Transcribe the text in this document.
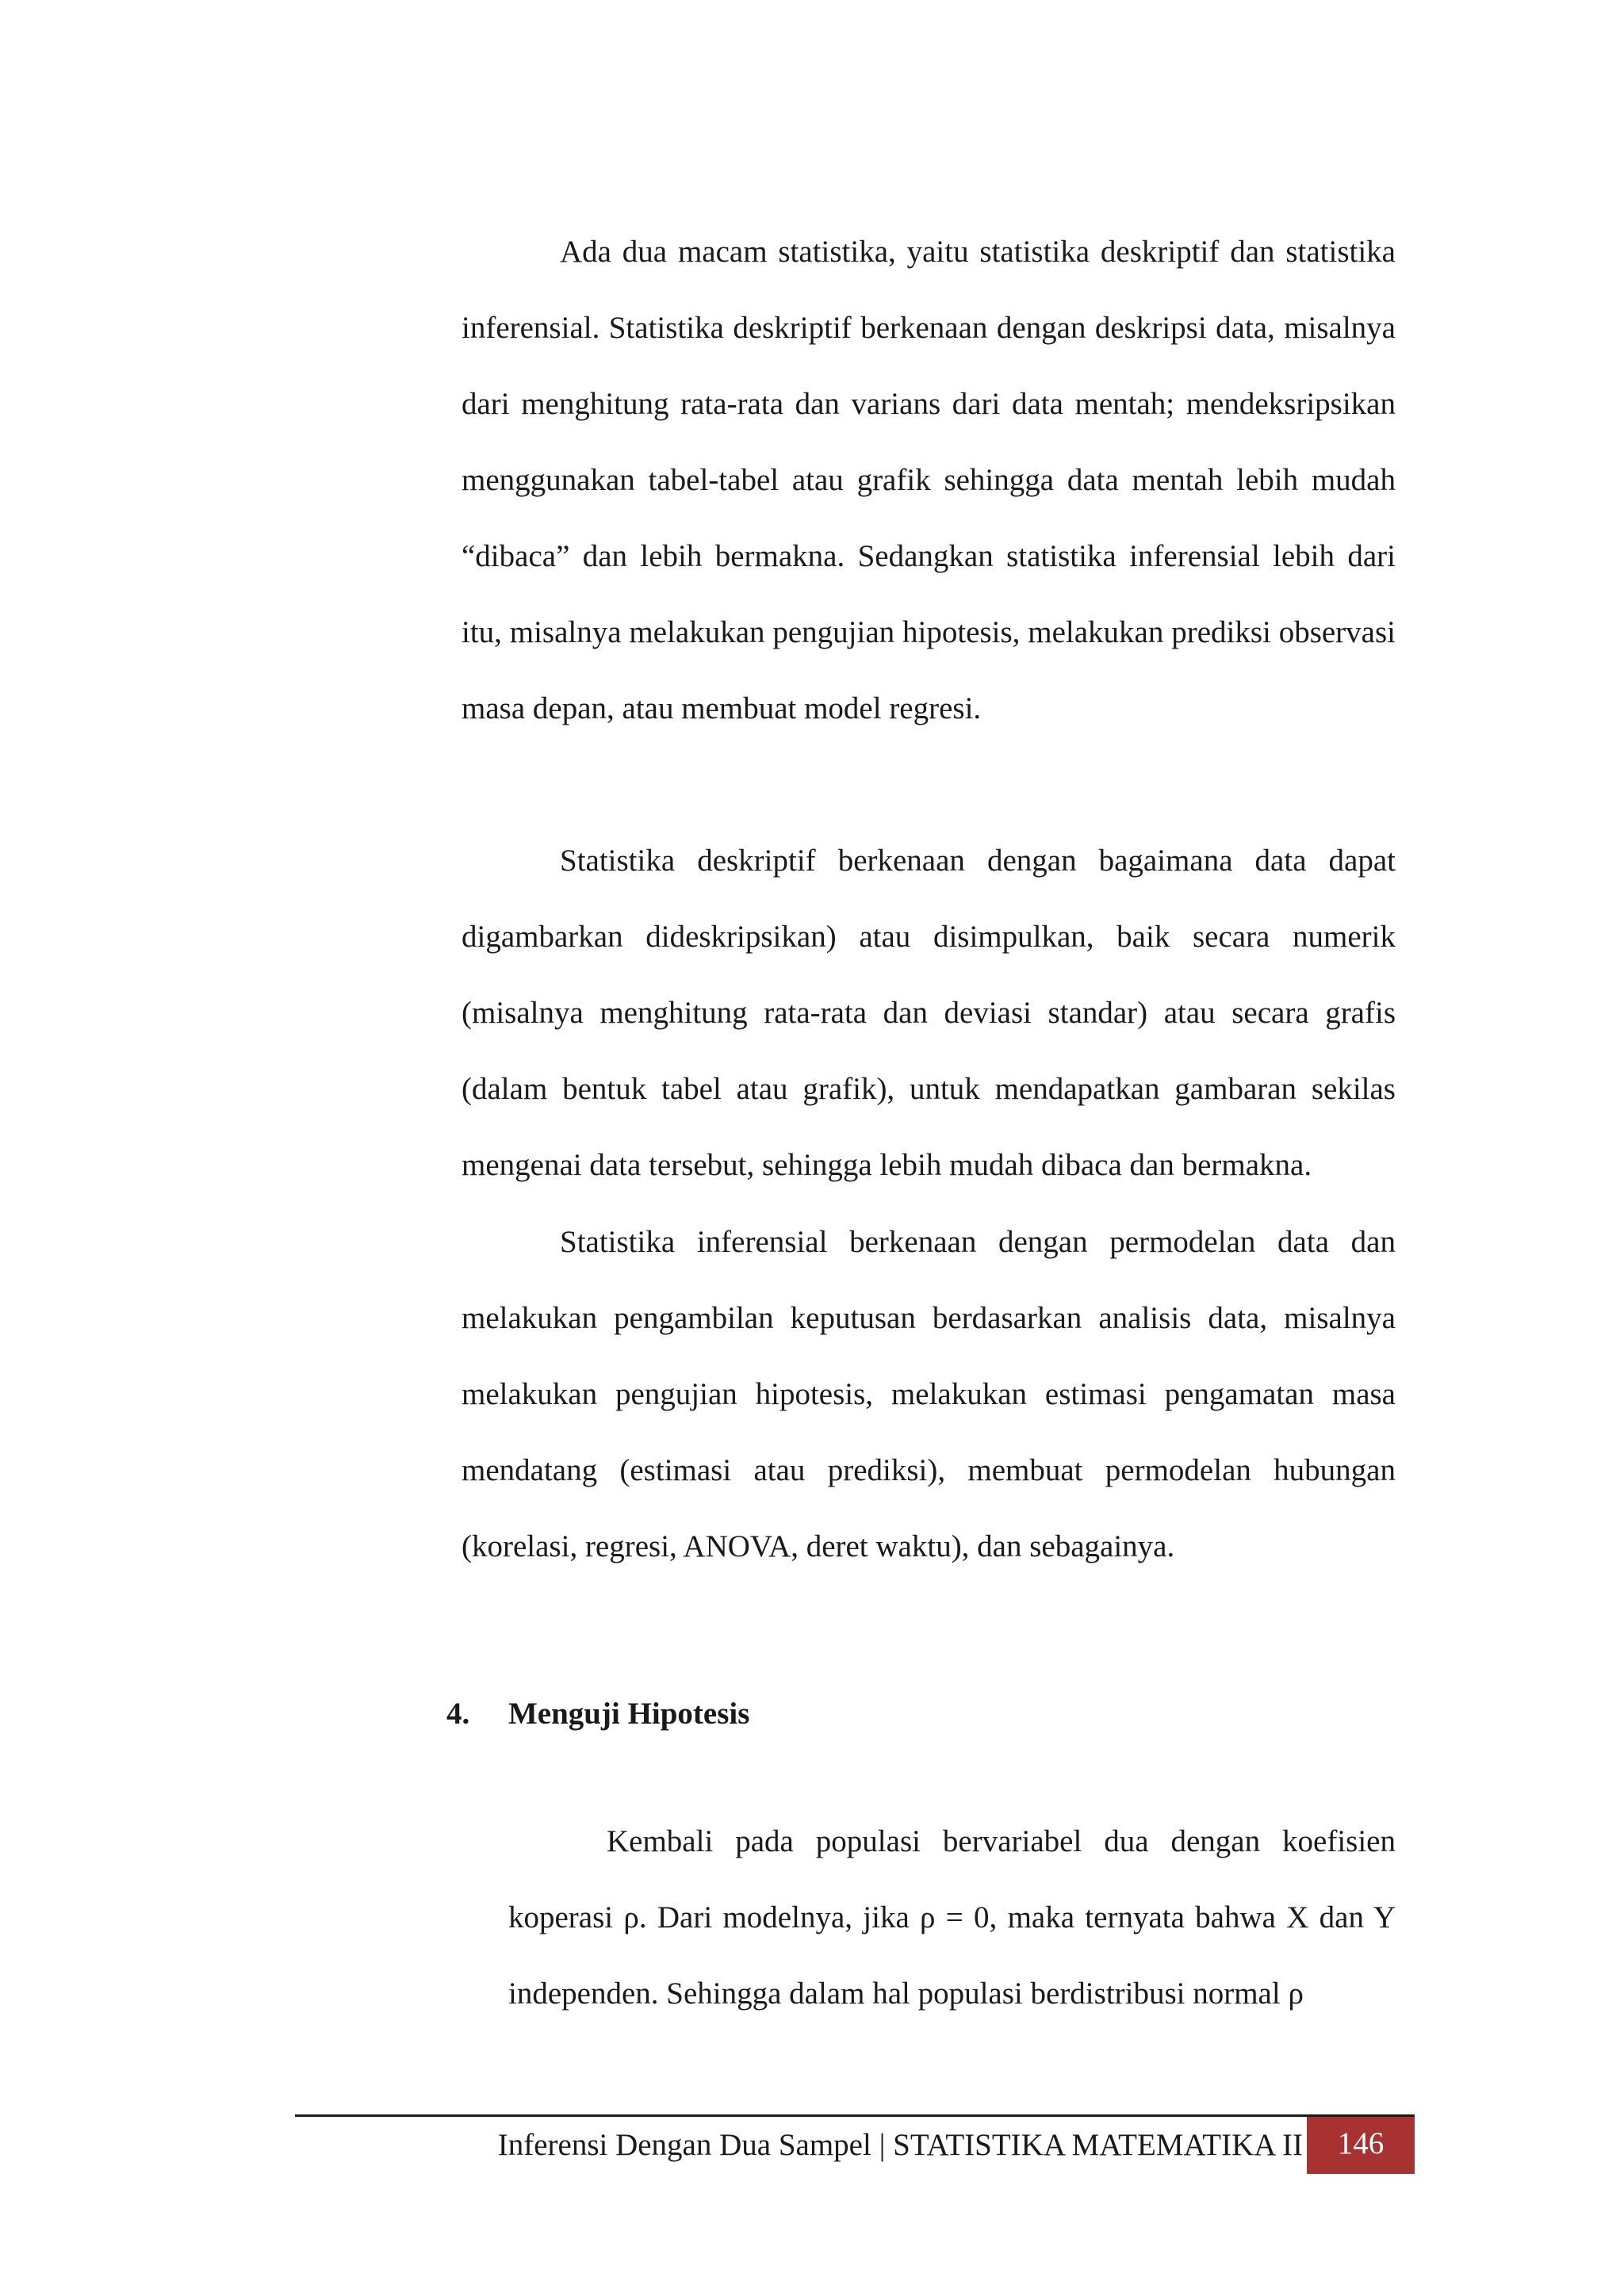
Ada dua macam statistika, yaitu statistika deskriptif dan statistika inferensial. Statistika deskriptif berkenaan dengan deskripsi data, misalnya dari menghitung rata-rata dan varians dari data mentah; mendeksripsikan menggunakan tabel-tabel atau grafik sehingga data mentah lebih mudah “dibaca” dan lebih bermakna. Sedangkan statistika inferensial lebih dari itu, misalnya melakukan pengujian hipotesis, melakukan prediksi observasi masa depan, atau membuat model regresi.

Statistika deskriptif berkenaan dengan bagaimana data dapat digambarkan dideskripsikan) atau disimpulkan, baik secara numerik (misalnya menghitung rata-rata dan deviasi standar) atau secara grafis (dalam bentuk tabel atau grafik), untuk mendapatkan gambaran sekilas mengenai data tersebut, sehingga lebih mudah dibaca dan bermakna.

Statistika inferensial berkenaan dengan permodelan data dan melakukan pengambilan keputusan berdasarkan analisis data, misalnya melakukan pengujian hipotesis, melakukan estimasi pengamatan masa mendatang (estimasi atau prediksi), membuat permodelan hubungan (korelasi, regresi, ANOVA, deret waktu), dan sebagainya.

4. Menguji Hipotesis

Kembali pada populasi bervariabel dua dengan koefisien koperasi ρ. Dari modelnya, jika ρ = 0, maka ternyata bahwa X dan Y independen. Sehingga dalam hal populasi berdistribusi normal ρ

Inferensi Dengan Dua Sampel | STATISTIKA MATEMATIKA II	146
